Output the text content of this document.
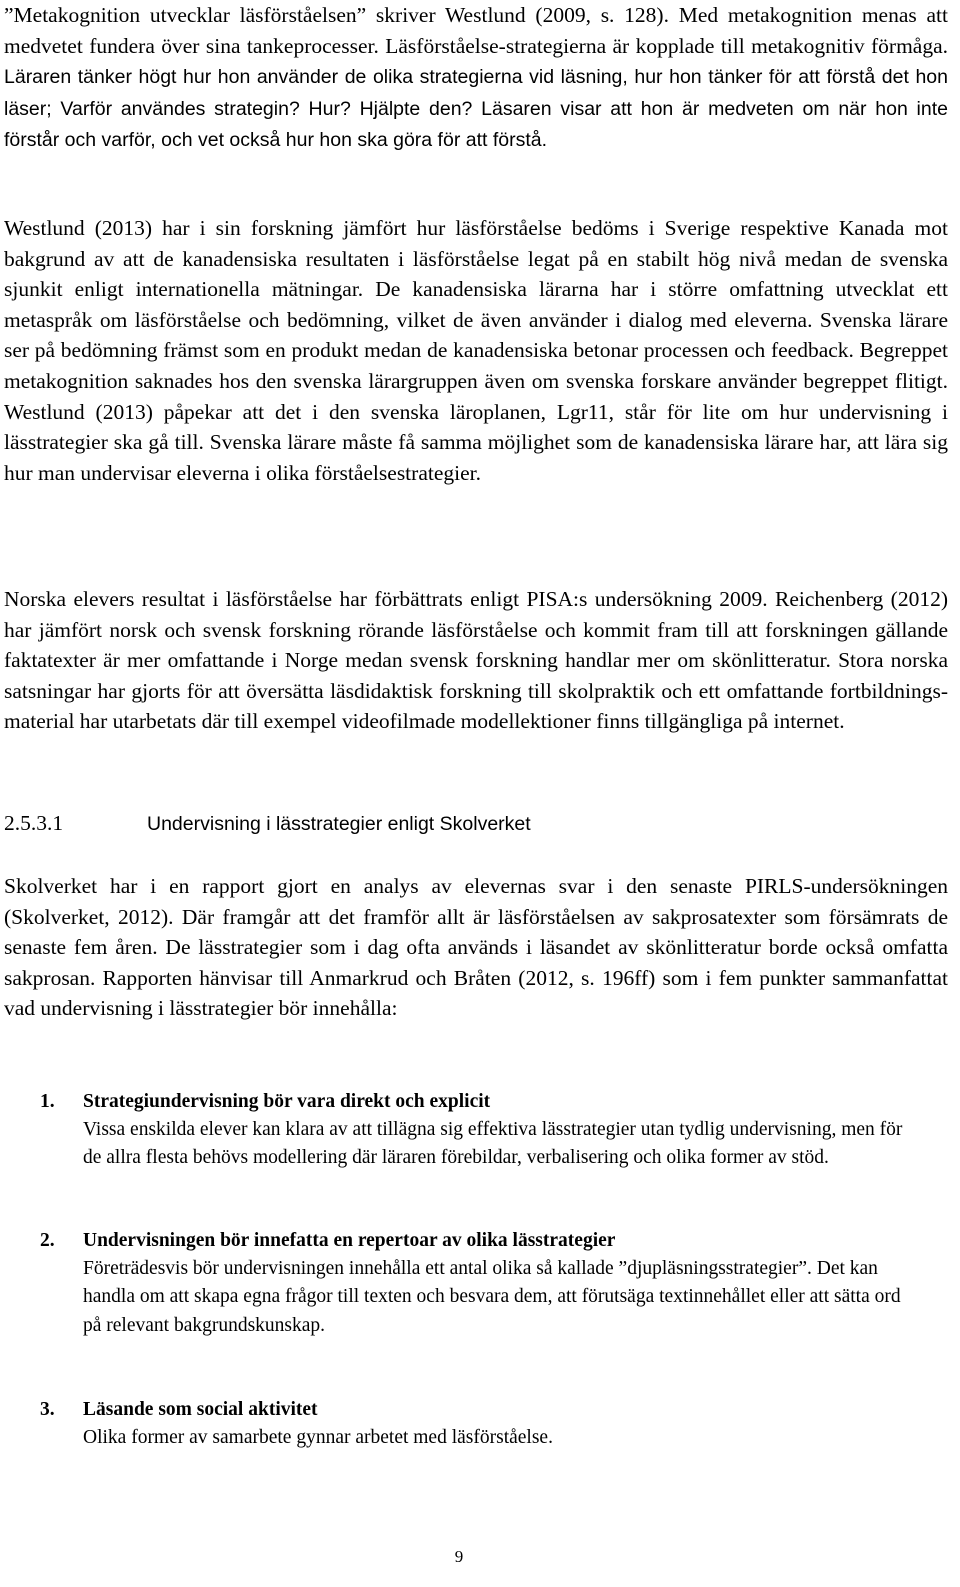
”Metakognition utvecklar läsförståelsen” skriver Westlund (2009, s. 128). Med metakognition menas att medvetet fundera över sina tankeprocesser. Läsförståelse-strategierna är kopplade till metakognitiv förmåga. Läraren tänker högt hur hon använder de olika strategierna vid läsning, hur hon tänker för att förstå det hon läser; Varför användes strategin? Hur? Hjälpte den? Läsaren visar att hon är medveten om när hon inte förstår och varför, och vet också hur hon ska göra för att förstå.

Westlund (2013) har i sin forskning jämfört hur läsförståelse bedöms i Sverige respektive Kanada mot bakgrund av att de kanadensiska resultaten i läsförståelse legat på en stabilt hög nivå medan de svenska sjunkit enligt internationella mätningar. De kanadensiska lärarna har i större omfattning utvecklat ett metaspråk om läsförståelse och bedömning, vilket de även använder i dialog med eleverna. Svenska lärare ser på bedömning främst som en produkt medan de kanadensiska betonar processen och feedback. Begreppet metakognition saknades hos den svenska lärargruppen även om svenska forskare använder begreppet flitigt. Westlund (2013) påpekar att det i den svenska läroplanen, Lgr11, står för lite om hur undervisning i lässtrategier ska gå till. Svenska lärare måste få samma möjlighet som de kanadensiska lärare har, att lära sig hur man undervisar eleverna i olika förståelsestrategier.

Norska elevers resultat i läsförståelse har förbättrats enligt PISA:s undersökning 2009. Reichenberg (2012) har jämfört norsk och svensk forskning rörande läsförståelse och kommit fram till att forskningen gällande faktatexter är mer omfattande i Norge medan svensk forskning handlar mer om skönlitteratur. Stora norska satsningar har gjorts för att översätta läsdidaktisk forskning till skolpraktik och ett omfattande fortbildnings-material har utarbetats där till exempel videofilmade modellektioner finns tillgängliga på internet.

2.5.3.1	Undervisning i lässtrategier enligt Skolverket

Skolverket har i en rapport gjort en analys av elevernas svar i den senaste PIRLS-undersökningen (Skolverket, 2012). Där framgår att det framför allt är läsförståelsen av sakprosatexter som försämrats de senaste fem åren. De lässtrategier som i dag ofta används i läsandet av skönlitteratur borde också omfatta sakprosan. Rapporten hänvisar till Anmarkrud och Bråten (2012, s. 196ff) som i fem punkter sammanfattat vad undervisning i lässtrategier bör innehålla:

1. Strategiundervisning bör vara direkt och explicit
Vissa enskilda elever kan klara av att tillägna sig effektiva lässtrategier utan tydlig undervisning, men för de allra flesta behövs modellering där läraren förebildar, verbalisering och olika former av stöd.
2. Undervisningen bör innefatta en repertoar av olika lässtrategier
Företrädesvis bör undervisningen innehålla ett antal olika så kallade ”djupläsningsstrategier”. Det kan handla om att skapa egna frågor till texten och besvara dem, att förutsäga textinnehållet eller att sätta ord på relevant bakgrundskunskap.
3. Läsande som social aktivitet
Olika former av samarbete gynnar arbetet med läsförståelse.
9
